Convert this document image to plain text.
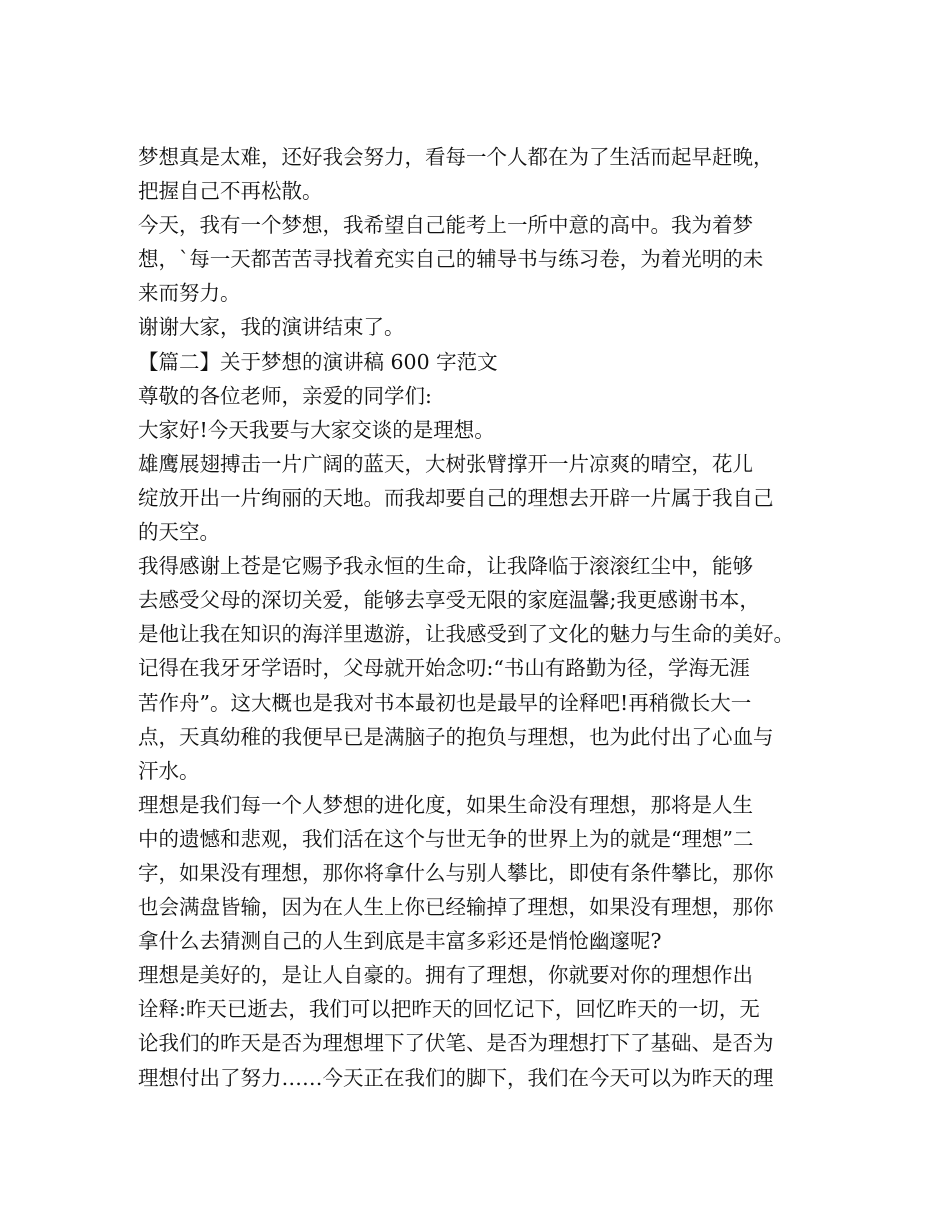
梦想真是太难，还好我会努力，看每一个人都在为了生活而起早赶晚，
把握自己不再松散。
今天，我有一个梦想，我希望自己能考上一所中意的高中。我为着梦
想，`每一天都苦苦寻找着充实自己的辅导书与练习卷，为着光明的未
来而努力。
谢谢大家，我的演讲结束了。
【篇二】关于梦想的演讲稿 600 字范文
尊敬的各位老师，亲爱的同学们:
大家好!今天我要与大家交谈的是理想。
雄鹰展翅搏击一片广阔的蓝天，大树张臂撑开一片凉爽的晴空，花儿
绽放开出一片绚丽的天地。而我却要自己的理想去开辟一片属于我自己
的天空。
我得感谢上苍是它赐予我永恒的生命，让我降临于滚滚红尘中，能够
去感受父母的深切关爱，能够去享受无限的家庭温馨;我更感谢书本，
是他让我在知识的海洋里遨游，让我感受到了文化的魅力与生命的美好。
记得在我牙牙学语时，父母就开始念叨:“书山有路勤为径，学海无涯
苦作舟”。这大概也是我对书本最初也是最早的诠释吧!再稍微长大一
点，天真幼稚的我便早已是满脑子的抱负与理想，也为此付出了心血与
汗水。
理想是我们每一个人梦想的进化度，如果生命没有理想，那将是人生
中的遗憾和悲观，我们活在这个与世无争的世界上为的就是“理想”二
字，如果没有理想，那你将拿什么与别人攀比，即使有条件攀比，那你
也会满盘皆输，因为在人生上你已经输掉了理想，如果没有理想，那你
拿什么去猜测自己的人生到底是丰富多彩还是悄怆幽邃呢?
理想是美好的，是让人自豪的。拥有了理想，你就要对你的理想作出
诠释:昨天已逝去，我们可以把昨天的回忆记下，回忆昨天的一切，无
论我们的昨天是否为理想埋下了伏笔、是否为理想打下了基础、是否为
理想付出了努力……今天正在我们的脚下，我们在今天可以为昨天的理
